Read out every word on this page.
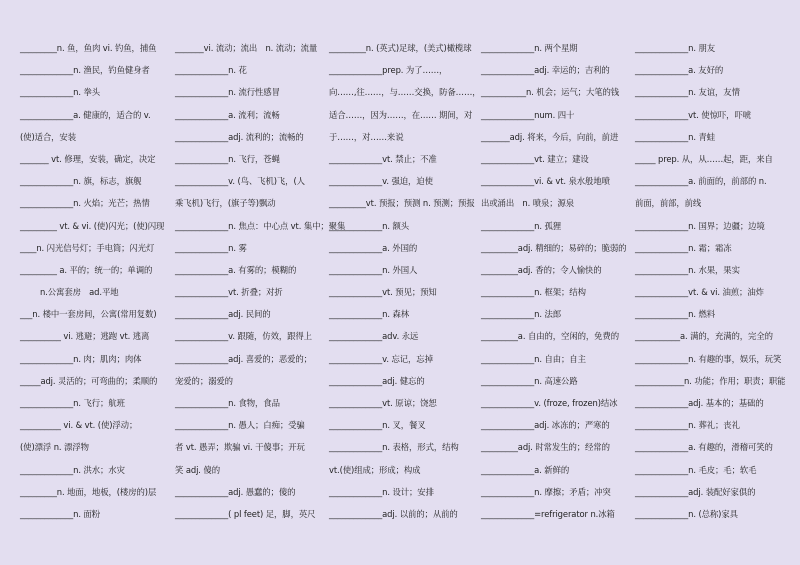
_________n. 鱼，鱼肉 vi. 钓鱼，捕鱼
_____________n. 渔民，钓鱼健身者
_____________n. 拳头
_____________a. 健康的，适合的 v.
(使)适合，安装
_______ vt. 修理，安装，确定，决定
_____________n. 旗，标志，旗舰
_____________n. 火焰；光芒；热情
_________ vt. & vi. (使)闪光；(使)闪现
____n. 闪光信号灯；手电筒；闪光灯
_________ a. 平的；统一的；单调的
n.公寓套房　ad.平地
___n. 楼中一套房间，公寓(常用复数)
__________ vi. 逃避；逃跑 vt. 逃离
_____________n. 肉；肌肉；肉体
_____adj. 灵活的；可弯曲的；柔顺的
_____________n. 飞行；航班
__________ vi. & vt. (使)浮动；
(使)漂浮 n. 漂浮物
_____________n. 洪水；水灾
_________n. 地面，地板，(楼房的)层
_____________n. 面粉
_______vi. 流动；流出　n. 流动；流量
_____________n. 花
_____________n. 流行性感冒
_____________a. 流利；流畅
_____________adj. 流利的；流畅的
_____________n. 飞行，苍蝇
_____________v. (鸟、飞机)飞，(人
乘飞机)飞行，(旗子等)飘动
_____________n. 焦点：中心点 vt. 集中；聚集
_____________n. 雾
_____________a. 有雾的；模糊的
_____________vt. 折叠；对折
_____________adj. 民间的
_____________v. 跟随，仿效，跟得上
_____________adj. 喜爱的；恶爱的；
宠爱的；溺爱的
_____________n. 食物，食品
_____________n. 愚人；白痴；受骗
者 vt. 愚弄；欺骗 vi. 干傻事；开玩
笑 adj. 傻的
_____________adj. 愚蠢的；傻的
_____________( pl feet) 足，脚，英尺
_________n. (英式)足球，(美式)橄榄球
_____________prep. 为了……，
向……,往……，与……交换，防备……，
适合……，因为……，在…… 期间，对
于……，对……来说
_____________vt. 禁止；不准
_____________v. 强迫，迫使
_________vt. 预报；预测 n. 预测；预报
_____________n. 额头
_____________a. 外国的
_____________n. 外国人
_____________vt. 预见；预知
_____________n. 森林
_____________adv. 永远
_____________v. 忘记，忘掉
_____________adj. 健忘的
_____________vt. 原谅；饶恕
_____________n. 叉，餐叉
_____________n. 表格，形式，结构
vt.(使)组成；形成；构成
_____________n. 设计；安排
_____________adj. 以前的；从前的
_____________n. 两个星期
_____________adj. 幸运的；吉利的
___________n. 机会；运气；大笔的钱
_____________num. 四十
_______adj. 将来，今后，向前，前进
_____________vt. 建立；建设
_____________vi. & vt. 泉水般地喷
出或涌出　n. 喷泉；源泉
_____________n. 孤狸
_________adj. 精细的；易碎的；脆弱的
_________adj. 香的；令人愉快的
_____________n. 框架；结构
_____________n. 法郎
_________a. 自由的，空闲的，免费的
_____________n. 自由；自主
_____________n. 高速公路
_____________v. (froze, frozen)结冰
_____________adj. 冰冻的；严寒的
_________adj. 时常发生的；经常的
_____________a. 新鲜的
_____________n. 摩擦；矛盾；冲突
_____________=refrigerator n.冰箱
_____________n. 朋友
_____________a. 友好的
_____________n. 友谊，友情
_____________vt. 使惊吓，吓唬
_____________n. 青蛙
_____ prep. 从，从……起，距，来自
_____________a. 前面的，前部的 n.
前面，前部，前线
_____________n. 国界；边疆；边境
_____________n. 霜；霜冻
_____________n. 水果，果实
_____________vt. & vi. 油煎；油炸
_____________n. 燃料
___________a. 满的，充满的，完全的
_____________n. 有趣的事，娱乐，玩笑
____________n. 功能；作用；职责；职能
_____________adj. 基本的；基础的
_____________n. 葬礼；丧礼
_____________a. 有趣的，滑稽可笑的
_____________n. 毛皮；毛；软毛
_____________adj. 装配好家俱的
_____________n. (总称)家具
